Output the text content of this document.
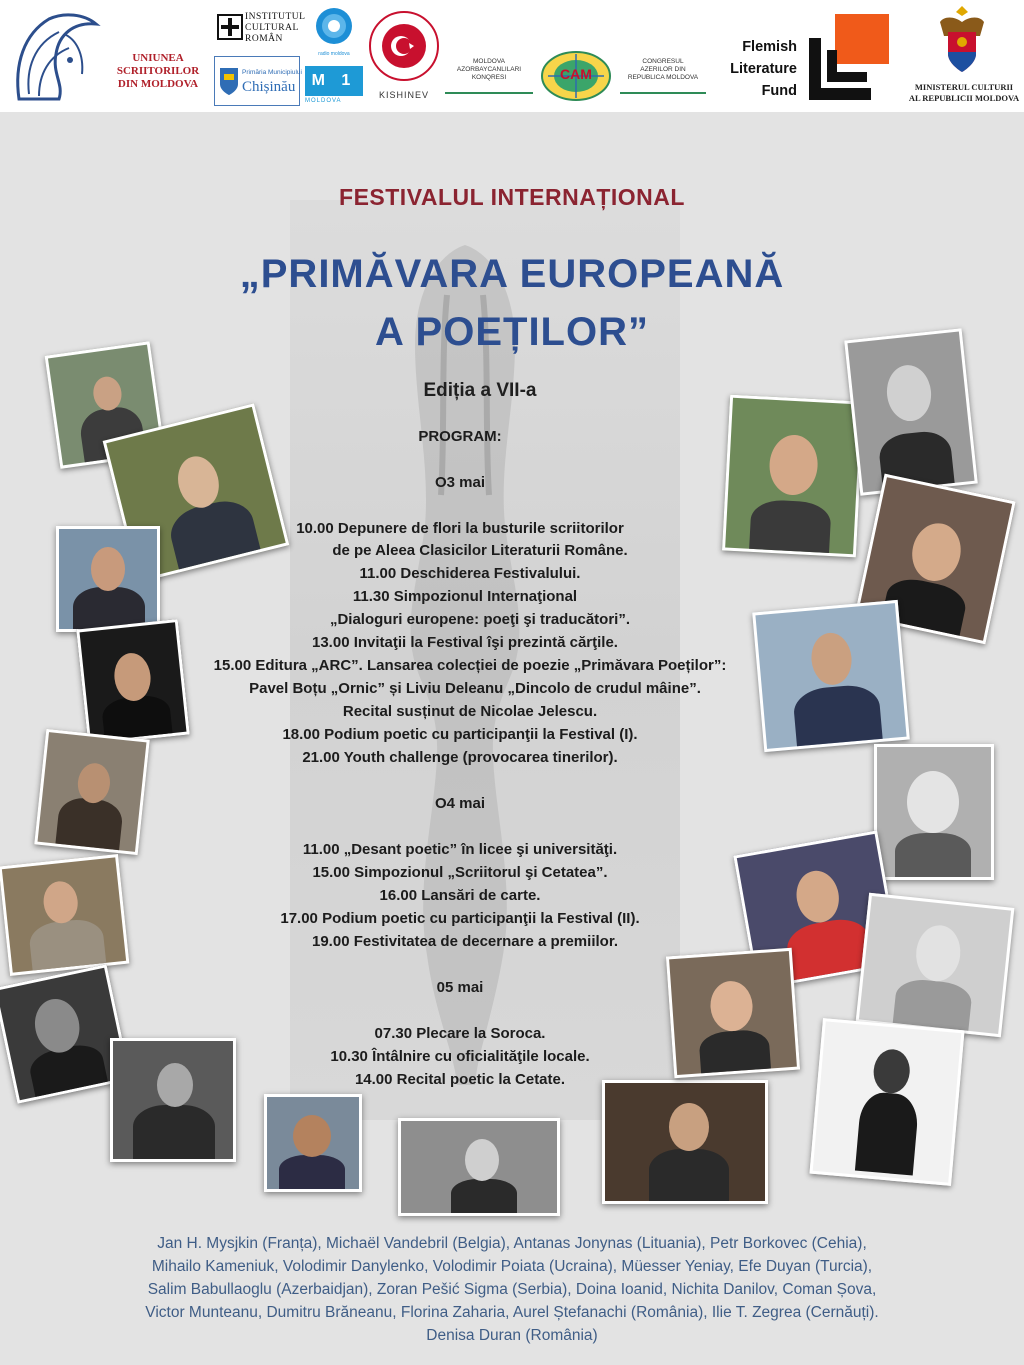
UNIUNEA
SCRIITORILOR
DIN MOLDOVA
INSTITUTUL
CULTURAL
ROMÂN
radio moldova
Primăria Municipiului
Chișinău	M 1
MOLDOVA
KISHINEV
MOLDOVA
AZORBAYCANLILARI
KONQRESI	CAM
CONGRESUL
AZERILOR DIN
REPUBLICA MOLDOVA
Flemish
Literature
Fund	MINISTERUL CULTURII
AL REPUBLICII MOLDOVA
FESTIVALUL INTERNAȚIONAL
„PRIMĂVARA EUROPEANĂ
A POEȚILOR”
Ediția a VII-a
PROGRAM:
O3 mai
10.00 Depunere de flori la busturile scriitorilor
de pe Aleea Clasicilor Literaturii Române.
11.00 Deschiderea Festivalului.
11.30 Simpozionul Internaţional
„Dialoguri europene: poeţi şi traducători”.
13.00 Invitaţii la Festival îşi prezintă cărţile.
15.00 Editura „ARC”. Lansarea colecției de poezie „Primăvara Poeților”:
Pavel Boțu „Ornic” și Liviu Deleanu „Dincolo de crudul mâine”.
Recital susținut de Nicolae Jelescu.
18.00 Podium poetic cu participanţii la Festival (I).
21.00 Youth challenge (provocarea tinerilor).
O4 mai
11.00 „Desant poetic” în licee şi universităţi.
15.00 Simpozionul „Scriitorul şi Cetatea”.
16.00 Lansări de carte.
17.00 Podium poetic cu participanţii la Festival (II).
19.00 Festivitatea de decernare a premiilor.
05 mai
07.30 Plecare la Soroca.
10.30 Întâlnire cu oficialităţile locale.
14.00 Recital poetic la Cetate.
Jan H. Mysjkin (Franța), Michaël Vandebril (Belgia), Antanas Jonynas (Lituania), Petr Borkovec (Cehia),
Mihailo Kameniuk, Volodimir Danylenko, Volodimir Poiata (Ucraina), Müesser Yeniay, Efe Duyan (Turcia),
Salim Babullaoglu (Azerbaidjan), Zoran Pešić Sigma (Serbia), Doina Ioanid, Nichita Danilov, Coman Șova,
Victor Munteanu, Dumitru Brăneanu, Florina Zaharia, Aurel Ștefanachi (România), Ilie T. Zegrea (Cernăuți).
Denisa Duran (România)
